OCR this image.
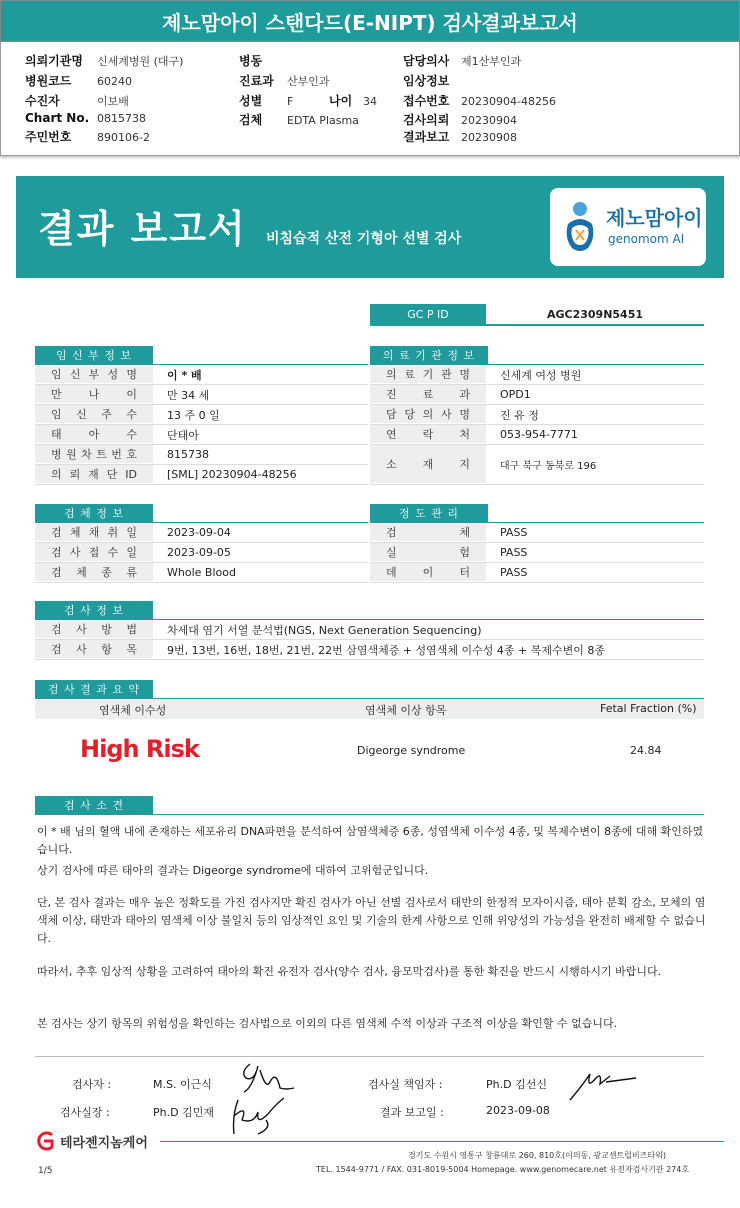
제노맘아이 스탠다드(E-NIPT) 검사결과보고서
의뢰기관명 신세계병원 (대구)
병원코드 60240
수진자	이보배
Chart No. 0815738
주민번호 890106-2
병동
진료과 산부인과
성별 F	나이 34
검체 EDTA Plasma
담당의사 제1산부인과
임상정보
접수번호 20230904-48256
검사의뢰 20230904
결과보고 20230908
결과 보고서 비침습적 산전 기형아 선별 검사
제노맘아이
genomom AI
GC P ID	AGC2309N5451
임 신 부 정 보	의 료 기 관 정 보
의 료 기 관 명	신세계 여성 병원
진 료 과	OPD1
담 당 의 사 명	진 유 정
연 락 처	053-954-7771
소 재 지	대구 북구 동북로 196
임 신 부 성 명	이 * 배
만 나 이	만 34 세
임 신 주 수	13 주 0 일
태 아 수	단태아
병 원 차 트 번 호	815738
의 뢰 재 단 ID	[SML] 20230904-48256
검 체 정 보
검 체 채 취 일	2023-09-04
검 사 접 수 일	2023-09-05
검 체 종 류	Whole Blood
정 도 관 리
검	체	PASS
실	험	PASS
데 이 터	PASS
검 사 정 보
검 사 방 법	차세대 염기 서열 분석법(NGS, Next Generation Sequencing)
검 사 항 목	9번, 13번, 16번, 18번, 21번, 22번 삼염색체증 + 성염색체 이수성 4종 + 복제수변이 8종
검 사 결 과 요 약
염색체 이수성	염색체 이상 항목	Fetal Fraction (%)
High Risk	Digeorge syndrome	24.84
검 사 소 견

이 * 배 님의 혈액 내에 존재하는 세포유리 DNA파편을 분석하여 삼염색체증 6종, 성염색체 이수성 4종, 및 복제수변이 8종에 대해 확인하였습니다.

상기 검사에 따른 태아의 결과는 Digeorge syndrome에 대하여 고위험군입니다.

단, 본 검사 결과는 매우 높은 정확도를 가진 검사지만 확진 검사가 아닌 선별 검사로서 태반의 한정적 모자이시즘, 태아 분획 감소, 모체의 염색체 이상, 태반과 태아의 염색체 이상 불일치 등의 임상적인 요인 및 기술의 한계 사항으로 인해 위양성의 가능성을 완전히 배제할 수 없습니다.

따라서, 추후 임상적 상황을 고려하여 태아의 확진 유전자 검사(양수 검사, 융모막검사)를 통한 확진을 반드시 시행하시기 바랍니다.

본 검사는 상기 항목의 위험성을 확인하는 검사법으로 이외의 다른 염색체 수적 이상과 구조적 이상을 확인할 수 없습니다.

검사자 :	M.S. 이근식	검사실 책임자 :	Ph.D 김선신
검사실장 :	Ph.D 김민재	결과 보고일 :	2023-09-08
테라젠지놈케어
경기도 수원시 영통구 창룡대로 260, 810호(이의동, 광교센트럴비즈타워)
TEL. 1544-9771 / FAX. 031-8019-5004 Homepage. www.genomecare.net 유전자검사기관 274호
1/5
